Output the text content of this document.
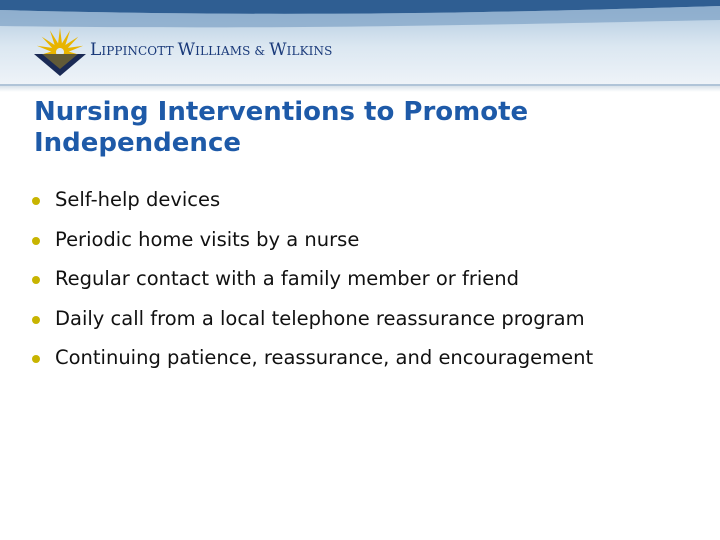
LIPPINCOTT WILLIAMS & WILKINS
Nursing Interventions to Promote Independence
Self-help devices
Periodic home visits by a nurse
Regular contact with a family member or friend
Daily call from a local telephone reassurance program
Continuing patience, reassurance, and encouragement
